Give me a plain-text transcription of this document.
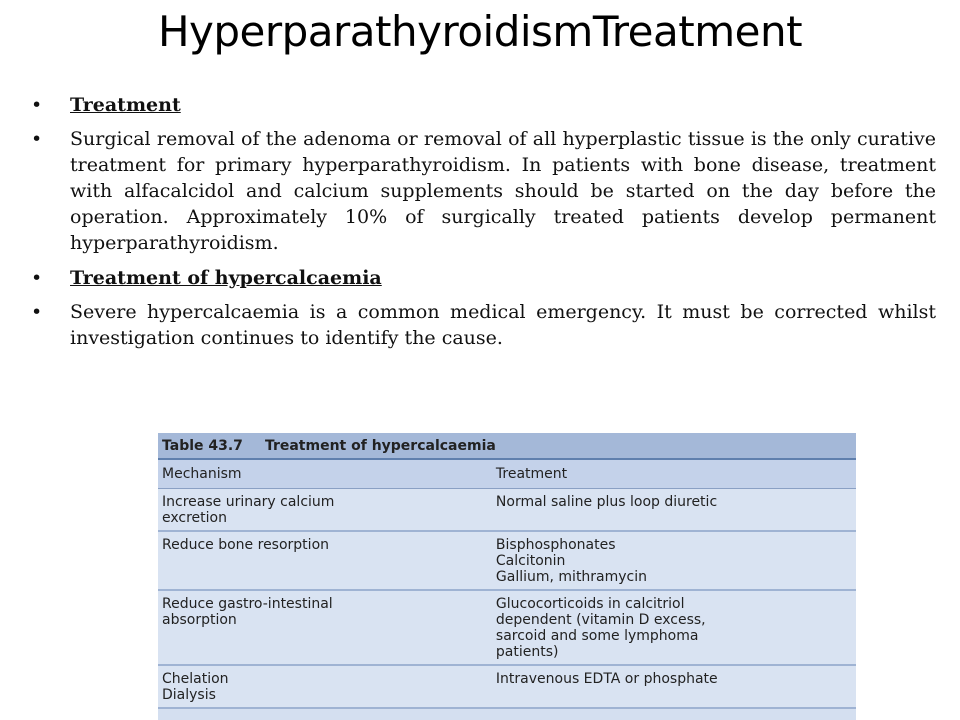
HyperparathyroidismTreatment
• Treatment
• Surgical removal of the adenoma or removal of all hyperplastic tissue is the only curative treatment for primary hyperparathyroidism. In patients with bone disease, treatment with alfacalcidol and calcium supplements should be started on the day before the operation. Approximately 10% of surgically treated patients develop permanent hyperparathyroidism.
• Treatment of hypercalcaemia
• Severe hypercalcaemia is a common medical emergency. It must be corrected whilst investigation continues to identify the cause.
Table 43.7 Treatment of hypercalcaemia	
Mechanism	Treatment

Increase urinary calcium
excretion	Normal saline plus loop diuretic

Reduce bone resorption	Bisphosphonates
Calcitonin
Gallium, mithramycin

Reduce gastro-intestinal
absorption	Glucocorticoids in calcitriol
dependent (vitamin D excess,
sarcoid and some lymphoma
patients)

Chelation
Dialysis	Intravenous EDTA or phosphate
